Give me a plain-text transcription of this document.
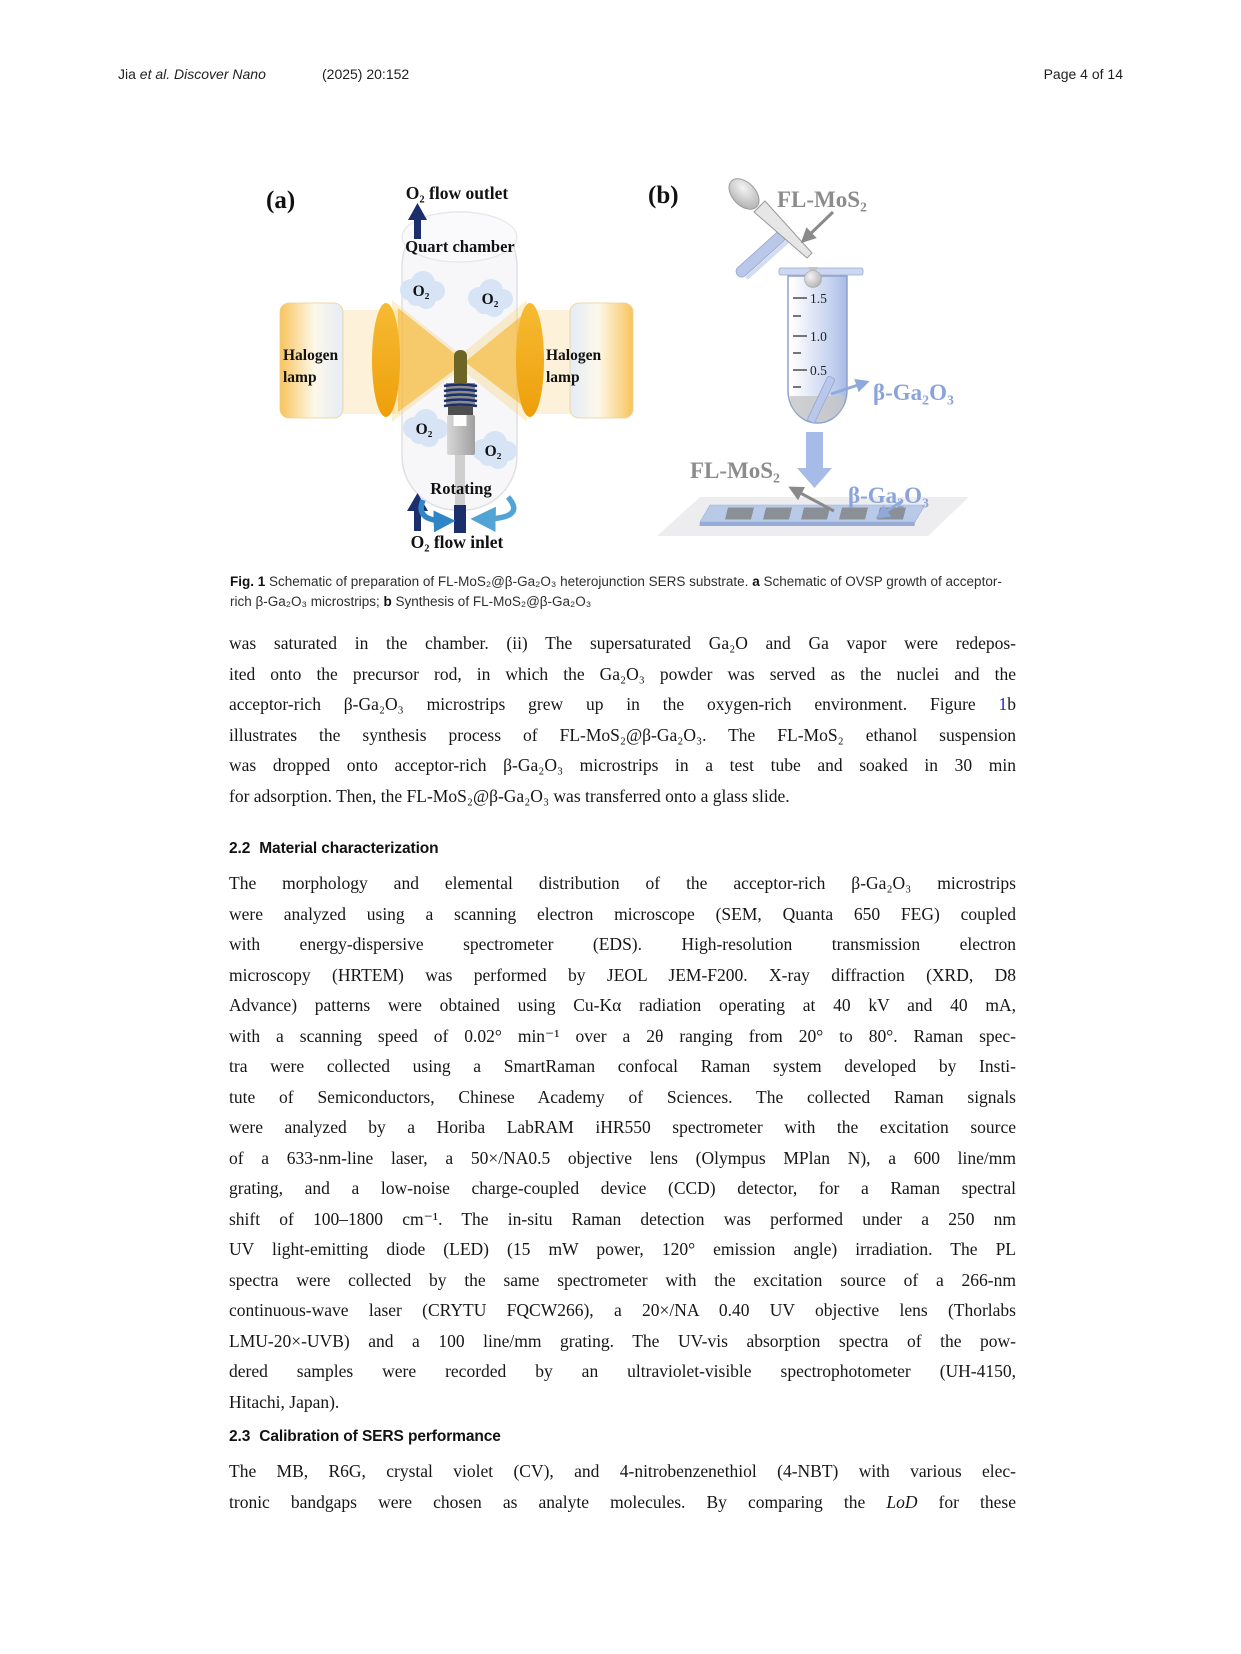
Jia et al. Discover Nano	(2025) 20:152	Page 4 of 14
(a)	O₂ flow outlet
Quart chamber
Halogen
lamp
Halogen
lamp
O₂	O₂
O₂
O₂
Rotating
O₂ flow inlet
1.5
1.0
0.5
(b)	FL-MoS₂
β-Ga₂O₃
FL-MoS₂
β-Ga₂O₃
Fig. 1 Schematic of preparation of FL-MoS₂@β-Ga₂O₃ heterojunction SERS substrate. a Schematic of OVSP growth of acceptor-rich β-Ga₂O₃ microstrips; b Synthesis of FL-MoS₂@β-Ga₂O₃
was saturated in the chamber. (ii) The supersaturated Ga₂O and Ga vapor were redepos-
ited onto the precursor rod, in which the Ga₂O₃ powder was served as the nuclei and the
acceptor-rich β-Ga₂O₃ microstrips grew up in the oxygen-rich environment. Figure 1b
illustrates the synthesis process of FL-MoS₂@β-Ga₂O₃. The FL-MoS₂ ethanol suspension
was dropped onto acceptor-rich β-Ga₂O₃ microstrips in a test tube and soaked in 30 min
for adsorption. Then, the FL-MoS₂@β-Ga₂O₃ was transferred onto a glass slide.
2.2 Material characterization
The morphology and elemental distribution of the acceptor-rich β-Ga₂O₃ microstrips
were analyzed using a scanning electron microscope (SEM, Quanta 650 FEG) coupled
with energy-dispersive spectrometer (EDS). High-resolution transmission electron
microscopy (HRTEM) was performed by JEOL JEM-F200. X-ray diffraction (XRD, D8
Advance) patterns were obtained using Cu-Kα radiation operating at 40 kV and 40 mA,
with a scanning speed of 0.02° min⁻¹ over a 2θ ranging from 20° to 80°. Raman spec-
tra were collected using a SmartRaman confocal Raman system developed by Insti-
tute of Semiconductors, Chinese Academy of Sciences. The collected Raman signals
were analyzed by a Horiba LabRAM iHR550 spectrometer with the excitation source
of a 633-nm-line laser, a 50×/NA0.5 objective lens (Olympus MPlan N), a 600 line/mm
grating, and a low-noise charge-coupled device (CCD) detector, for a Raman spectral
shift of 100–1800 cm⁻¹. The in-situ Raman detection was performed under a 250 nm
UV light-emitting diode (LED) (15 mW power, 120° emission angle) irradiation. The PL
spectra were collected by the same spectrometer with the excitation source of a 266-nm
continuous-wave laser (CRYTU FQCW266), a 20×/NA 0.40 UV objective lens (Thorlabs
LMU-20×-UVB) and a 100 line/mm grating. The UV-vis absorption spectra of the pow-
dered samples were recorded by an ultraviolet-visible spectrophotometer (UH-4150,
Hitachi, Japan).
2.3 Calibration of SERS performance
The MB, R6G, crystal violet (CV), and 4-nitrobenzenethiol (4-NBT) with various elec-
tronic bandgaps were chosen as analyte molecules. By comparing the LoD for these
